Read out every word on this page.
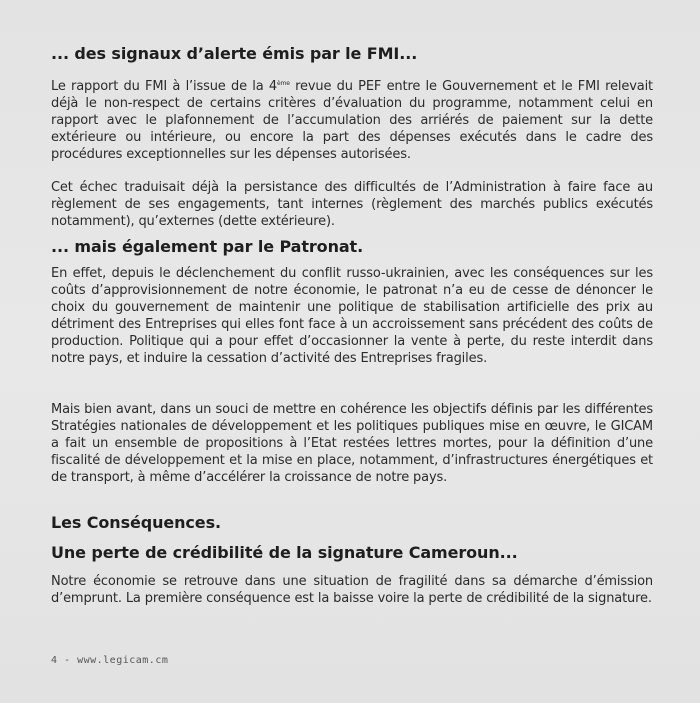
... des signaux d’alerte émis par le FMI...

Le rapport du FMI à l’issue de la 4ème revue du PEF entre le Gouvernement et le FMI relevait déjà le non-respect de certains critères d’évaluation du programme, notamment celui en rapport avec le plafonnement de l’accumulation des arriérés de paiement sur la dette extérieure ou intérieure, ou encore la part des dépenses exécutés dans le cadre des procédures exceptionnelles sur les dépenses autorisées.

Cet échec traduisait déjà la persistance des difficultés de l’Administration à faire face au règlement de ses engagements, tant internes (règlement des marchés publics exécutés notamment), qu’externes (dette extérieure).

... mais également par le Patronat.

En effet, depuis le déclenchement du conflit russo-ukrainien, avec les conséquences sur les coûts d’approvisionnement de notre économie, le patronat n’a eu de cesse de dénoncer le choix du gouvernement de maintenir une politique de stabilisation artificielle des prix au détriment des Entreprises qui elles font face à un accroissement sans précédent des coûts de production. Politique qui a pour effet d’occasionner la vente à perte, du reste interdit dans notre pays, et induire la cessation d’activité des Entreprises fragiles.

Mais bien avant, dans un souci de mettre en cohérence les objectifs définis par les différentes Stratégies nationales de développement et les politiques publiques mise en œuvre, le GICAM a fait un ensemble de propositions à l’Etat restées lettres mortes, pour la définition d’une fiscalité de développement et la mise en place, notamment, d’infrastructures énergétiques et de transport, à même d’accélérer la croissance de notre pays.

Les Conséquences.
Une perte de crédibilité de la signature Cameroun...

Notre économie se retrouve dans une situation de fragilité dans sa démarche d’émission d’emprunt. La première conséquence est la baisse voire la perte de crédibilité de la signature.

4 - www.legicam.cm
